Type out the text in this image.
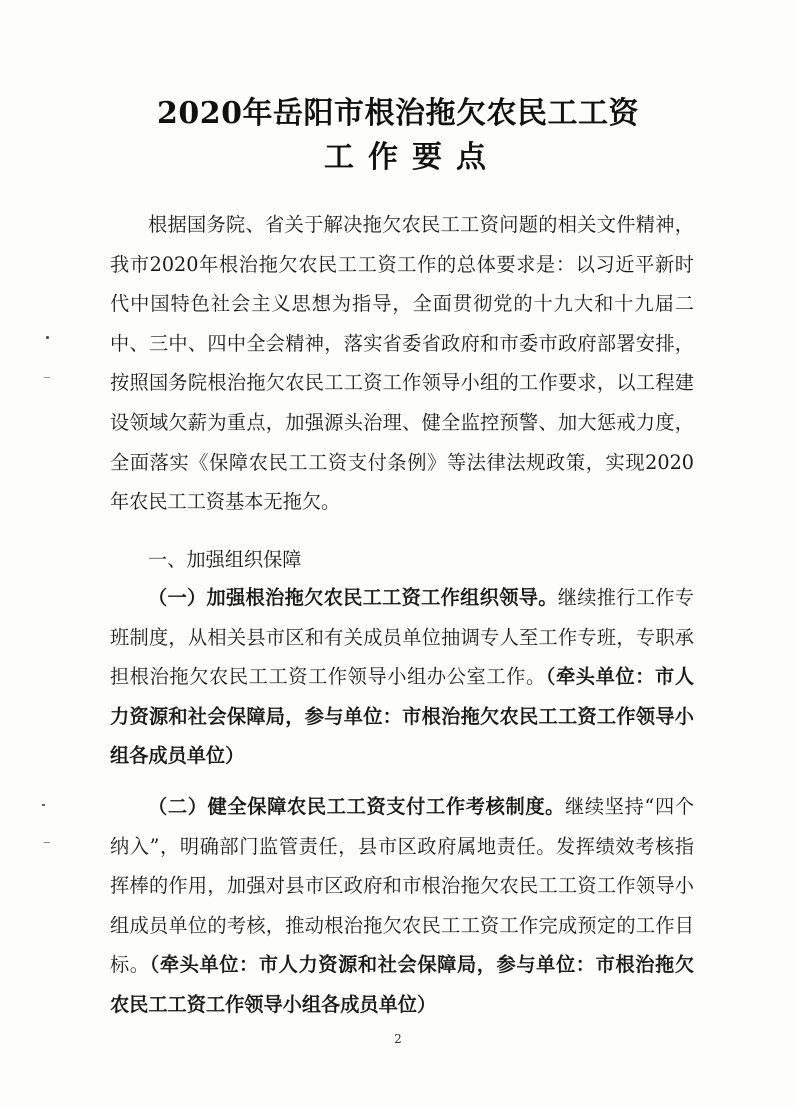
2020年岳阳市根治拖欠农民工工资
工作要点
根据国务院、省关于解决拖欠农民工工资问题的相关文件精神，我市2020年根治拖欠农民工工资工作的总体要求是：以习近平新时代中国特色社会主义思想为指导，全面贯彻党的十九大和十九届二中、三中、四中全会精神，落实省委省政府和市委市政府部署安排，按照国务院根治拖欠农民工工资工作领导小组的工作要求，以工程建设领域欠薪为重点，加强源头治理、健全监控预警、加大惩戒力度，全面落实《保障农民工工资支付条例》等法律法规政策，实现2020年农民工工资基本无拖欠。
一、加强组织保障
（一）加强根治拖欠农民工工资工作组织领导。继续推行工作专班制度，从相关县市区和有关成员单位抽调专人至工作专班，专职承担根治拖欠农民工工资工作领导小组办公室工作。（牵头单位：市人力资源和社会保障局，参与单位：市根治拖欠农民工工资工作领导小组各成员单位）
（二）健全保障农民工工资支付工作考核制度。继续坚持“四个纳入”，明确部门监管责任，县市区政府属地责任。发挥绩效考核指挥棒的作用，加强对县市区政府和市根治拖欠农民工工资工作领导小组成员单位的考核，推动根治拖欠农民工工资工作完成预定的工作目标。（牵头单位：市人力资源和社会保障局，参与单位：市根治拖欠农民工工资工作领导小组各成员单位）
2
